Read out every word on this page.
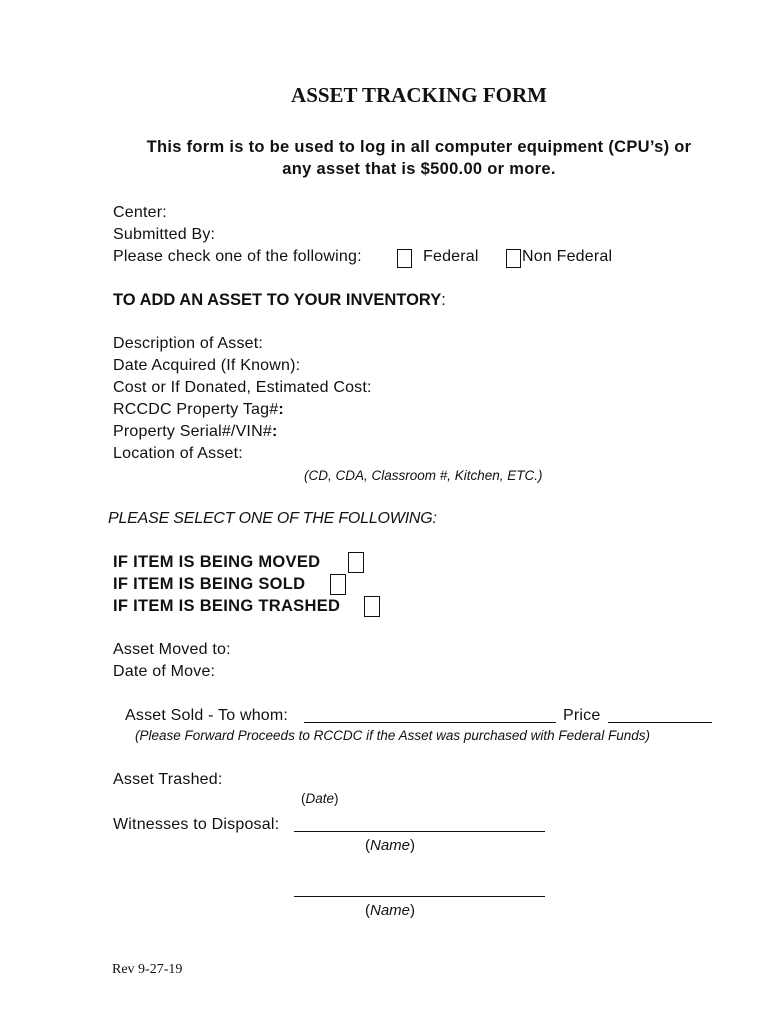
ASSET TRACKING FORM
This form is to be used to log in all computer equipment (CPU’s) or
any asset that is $500.00 or more.
Center:
Submitted By:
Please check one of the following:	Federal	Non Federal
TO ADD AN ASSET TO YOUR INVENTORY:
Description of Asset:
Date Acquired (If Known):
Cost or If Donated, Estimated Cost:
RCCDC Property Tag#:
Property Serial#/VIN#:
Location of Asset:
(CD, CDA, Classroom #, Kitchen, ETC.)
PLEASE SELECT ONE OF THE FOLLOWING:
IF ITEM IS BEING MOVED
IF ITEM IS BEING SOLD
IF ITEM IS BEING TRASHED
Asset Moved to:
Date of Move:
Asset Sold - To whom:	Price
(Please Forward Proceeds to RCCDC if the Asset was purchased with Federal Funds)
Asset Trashed:
(Date)
Witnesses to Disposal:
(Name)
(Name)
Rev 9-27-19
